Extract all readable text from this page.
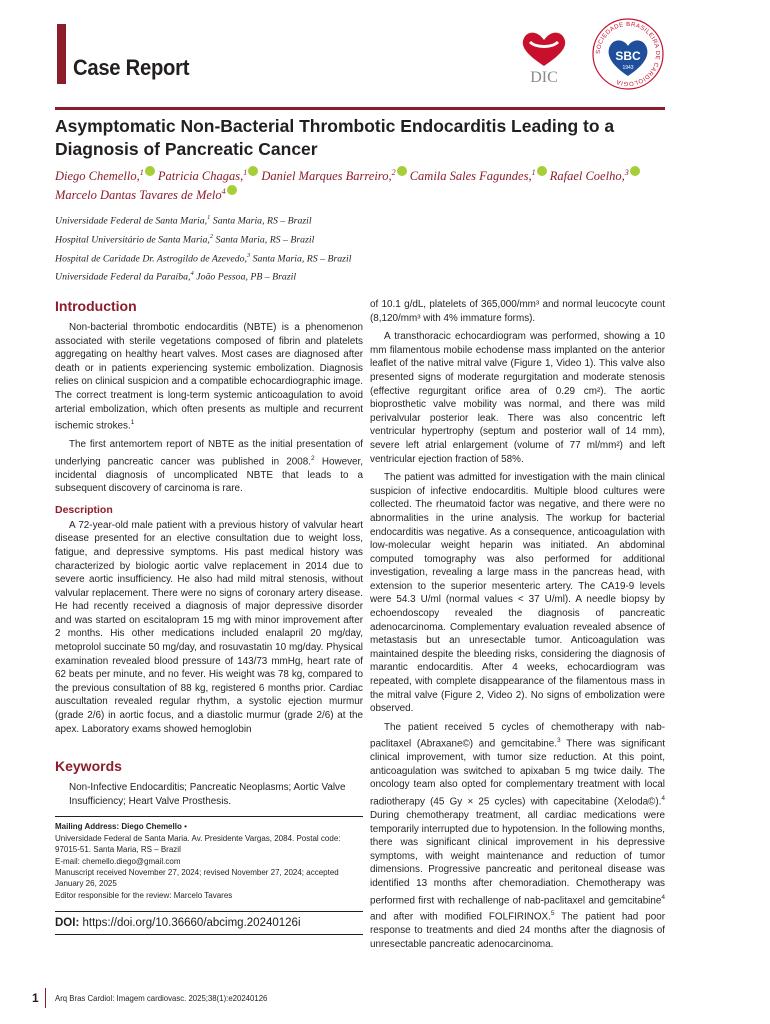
Case Report	DIC
SOCIEDADE BRASILEIRA DE CARDIOLOGIA
SBC
1943
Asymptomatic Non-Bacterial Thrombotic Endocarditis Leading to a Diagnosis of Pancreatic Cancer
Diego Chemello,$^1$ Patricia Chagas,$^1$ Daniel Marques Barreiro,$^2$ Camila Sales Fagundes,$^1$ Rafael Coelho,$^3$
Marcelo Dantas Tavares de Melo$^4$
Universidade Federal de Santa Maria,$^1$ Santa Maria, RS – Brazil
Hospital Universitário de Santa Maria,$^2$ Santa Maria, RS – Brazil
Hospital de Caridade Dr. Astrogildo de Azevedo,$^3$ Santa Maria, RS – Brazil
Universidade Federal da Paraíba,$^4$ João Pessoa, PB – Brazil
Introduction

Non-bacterial thrombotic endocarditis (NBTE) is a phenomenon associated with sterile vegetations composed of fibrin and platelets aggregating on healthy heart valves. Most cases are diagnosed after death or in patients experiencing systemic embolization. Diagnosis relies on clinical suspicion and a compatible echocardiographic image. The correct treatment is long-term systemic anticoagulation to avoid arterial embolization, which often presents as multiple and recurrent ischemic strokes.$^1$

The first antemortem report of NBTE as the initial presentation of underlying pancreatic cancer was published in 2008.$^2$ However, incidental diagnosis of uncomplicated NBTE that leads to a subsequent discovery of carcinoma is rare.

Description

A 72-year-old male patient with a previous history of valvular heart disease presented for an elective consultation due to weight loss, fatigue, and depressive symptoms. His past medical history was characterized by biologic aortic valve replacement in 2014 due to severe aortic insufficiency. He also had mild mitral stenosis, without valvular replacement. There were no signs of coronary artery disease. He had recently received a diagnosis of major depressive disorder and was started on escitalopram 15 mg with minor improvement after 2 months. His other medications included enalapril 20 mg/day, metoprolol succinate 50 mg/day, and rosuvastatin 10 mg/day. Physical examination revealed blood pressure of 143/73 mmHg, heart rate of 62 beats per minute, and no fever. His weight was 78 kg, compared to the previous consultation of 88 kg, registered 6 months prior. Cardiac auscultation revealed regular rhythm, a systolic ejection murmur (grade 2/6) in aortic focus, and a diastolic murmur (grade 2/6) at the apex. Laboratory exams showed hemoglobin

Keywords

Non-Infective Endocarditis; Pancreatic Neoplasms; Aortic Valve Insufficiency; Heart Valve Prosthesis.

Mailing Address: Diego Chemello •
Universidade Federal de Santa Maria. Av. Presidente Vargas, 2084. Postal code: 97015-51. Santa Maria, RS – Brazil
E-mail: chemello.diego@gmail.com
Manuscript received November 27, 2024; revised November 27, 2024; accepted January 26, 2025
Editor responsible for the review: Marcelo Tavares
DOI: https://doi.org/10.36660/abcimg.20240126i

of 10.1 g/dL, platelets of 365,000/mm³ and normal leucocyte count (8,120/mm³ with 4% immature forms).

A transthoracic echocardiogram was performed, showing a 10 mm filamentous mobile echodense mass implanted on the anterior leaflet of the native mitral valve (Figure 1, Video 1). This valve also presented signs of moderate regurgitation and moderate stenosis (effective regurgitant orifice area of 0.29 cm²). The aortic bioprosthetic valve mobility was normal, and there was mild perivalvular posterior leak. There was also concentric left ventricular hypertrophy (septum and posterior wall of 14 mm), severe left atrial enlargement (volume of 77 ml/mm²) and left ventricular ejection fraction of 58%.

The patient was admitted for investigation with the main clinical suspicion of infective endocarditis. Multiple blood cultures were collected. The rheumatoid factor was negative, and there were no abnormalities in the urine analysis. The workup for bacterial endocarditis was negative. As a consequence, anticoagulation with low-molecular weight heparin was initiated. An abdominal computed tomography was also performed for additional investigation, revealing a large mass in the pancreas head, with extension to the superior mesenteric artery. The CA19-9 levels were 54.3 U/ml (normal values < 37 U/ml). A needle biopsy by echoendoscopy revealed the diagnosis of pancreatic adenocarcinoma. Complementary evaluation revealed absence of metastasis but an unresectable tumor. Anticoagulation was maintained despite the bleeding risks, considering the diagnosis of marantic endocarditis. After 4 weeks, echocardiogram was repeated, with complete disappearance of the filamentous mass in the mitral valve (Figure 2, Video 2). No signs of embolization were observed.

The patient received 5 cycles of chemotherapy with nab-paclitaxel (Abraxane©) and gemcitabine.$^3$ There was significant clinical improvement, with tumor size reduction. At this point, anticoagulation was switched to apixaban 5 mg twice daily. The oncology team also opted for complementary treatment with local radiotherapy (45 Gy × 25 cycles) with capecitabine (Xeloda©).$^4$ During chemotherapy treatment, all cardiac medications were temporarily interrupted due to hypotension. In the following months, there was significant clinical improvement in his depressive symptoms, with weight maintenance and reduction of tumor dimensions. Progressive pancreatic and peritoneal disease was identified 13 months after chemoradiation. Chemotherapy was performed first with rechallenge of nab-paclitaxel and gemcitabine$^4$ and after with modified FOLFIRINOX.$^5$ The patient had poor response to treatments and died 24 months after the diagnosis of unresectable pancreatic adenocarcinoma.

1 Arq Bras Cardiol: Imagem cardiovasc. 2025;38(1):e20240126
